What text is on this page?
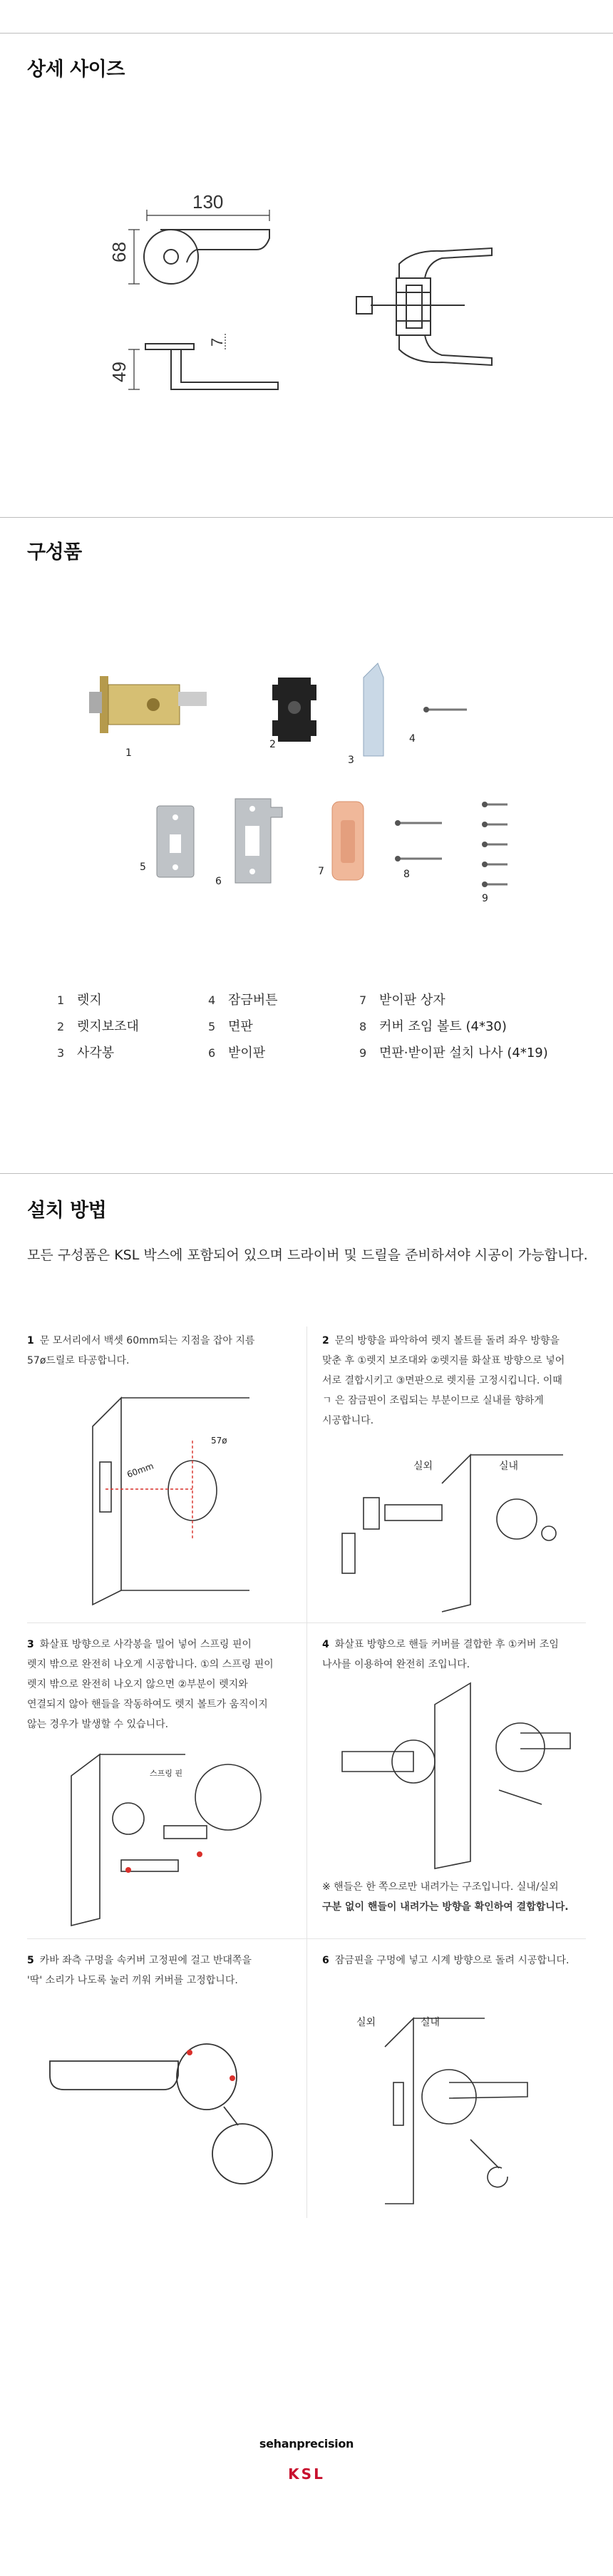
상세 사이즈
130
68
49
7
구성품
1
2
3
4
5
6
7	8
9
1 렛지	4 잠금버튼	7 받이판 상자
2 렛지보조대	5 면판	8 커버 조임 볼트 (4*30)
3 사각봉	6 받이판	9 면판·받이판 설치 나사 (4*19)
설치 방법
모든 구성품은 KSL 박스에 포함되어 있으며 드라이버 및 드릴을 준비하셔야 시공이 가능합니다.
1 문 모서리에서 백셋 60mm되는 지점을 잡아 지름
57ø드릴로 타공합니다.
60mm
57ø
2 문의 방향을 파악하여 렛지 볼트를 돌려 좌우 방향을
맞춘 후 ①렛지 보조대와 ②렛지를 화살표 방향으로 넣어
서로 결합시키고 ③면판으로 렛지를 고정시킵니다. 이때
ㄱ 은 잠금핀이 조립되는 부분이므로 실내를 향하게
시공합니다.
실외	실내
3 화살표 방향으로 사각봉을 밀어 넣어 스프링 핀이
렛지 밖으로 완전히 나오게 시공합니다. ①의 스프링 핀이
렛지 밖으로 완전히 나오지 않으면 ②부분이 렛지와
연결되지 않아 핸들을 작동하여도 렛지 볼트가 움직이지
않는 경우가 발생할 수 있습니다.
스프링 핀
4 화살표 방향으로 핸들 커버를 결합한 후 ①커버 조임
나사를 이용하여 완전히 조입니다.
※ 핸들은 한 쪽으로만 내려가는 구조입니다. 실내/실외
구분 없이 핸들이 내려가는 방향을 확인하여 결합합니다.
5 카바 좌측 구멍을 속커버 고정핀에 걸고 반대쪽을
'딱' 소리가 나도록 눌러 끼워 커버를 고정합니다.
6 잠금핀을 구멍에 넣고 시계 방향으로 돌려 시공합니다.
실외	실내
sehanprecision
KSL
